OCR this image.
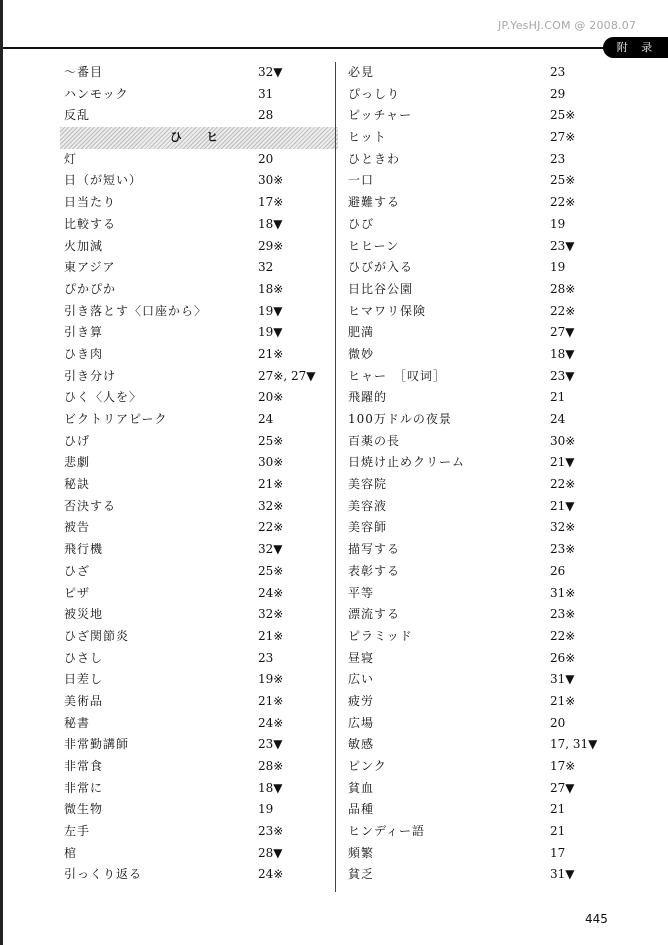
JP.YesHJ.COM @ 2008.07
附 录
～番目	32▼
ハンモック	31
反乱	28
ひ ヒ
灯	20
日（が短い）	30※
日当たり	17※
比較する	18▼
火加減	29※
東アジア	32
ぴかぴか	18※
引き落とす〈口座から〉	19▼
引き算	19▼
ひき肉	21※
引き分け	27※, 27▼
ひく〈人を〉	20※
ビクトリアピーク	24
ひげ	25※
悲劇	30※
秘訣	21※
否決する	32※
被告	22※
飛行機	32▼
ひざ	25※
ピザ	24※
被災地	32※
ひざ関節炎	21※
ひさし	23
日差し	19※
美術品	21※
秘書	24※
非常勤講師	23▼
非常食	28※
非常に	18▼
微生物	19
左手	23※
棺	28▼
引っくり返る	24※
必見	23
ぴっしり	29
ピッチャー	25※
ヒット	27※
ひときわ	23
一口	25※
避難する	22※
ひび	19
ヒヒーン	23▼
ひびが入る	19
日比谷公園	28※
ヒマワリ保険	22※
肥満	27▼
微妙	18▼
ヒャー　［叹词］	23▼
飛躍的	21
100万ドルの夜景	24
百薬の長	30※
日焼け止めクリーム	21▼
美容院	22※
美容液	21▼
美容師	32※
描写する	23※
表彰する	26
平等	31※
漂流する	23※
ピラミッド	22※
昼寝	26※
広い	31▼
疲労	21※
広場	20
敏感	17, 31▼
ピンク	17※
貧血	27▼
品種	21
ヒンディー語	21
頻繁	17
貧乏	31▼
445
